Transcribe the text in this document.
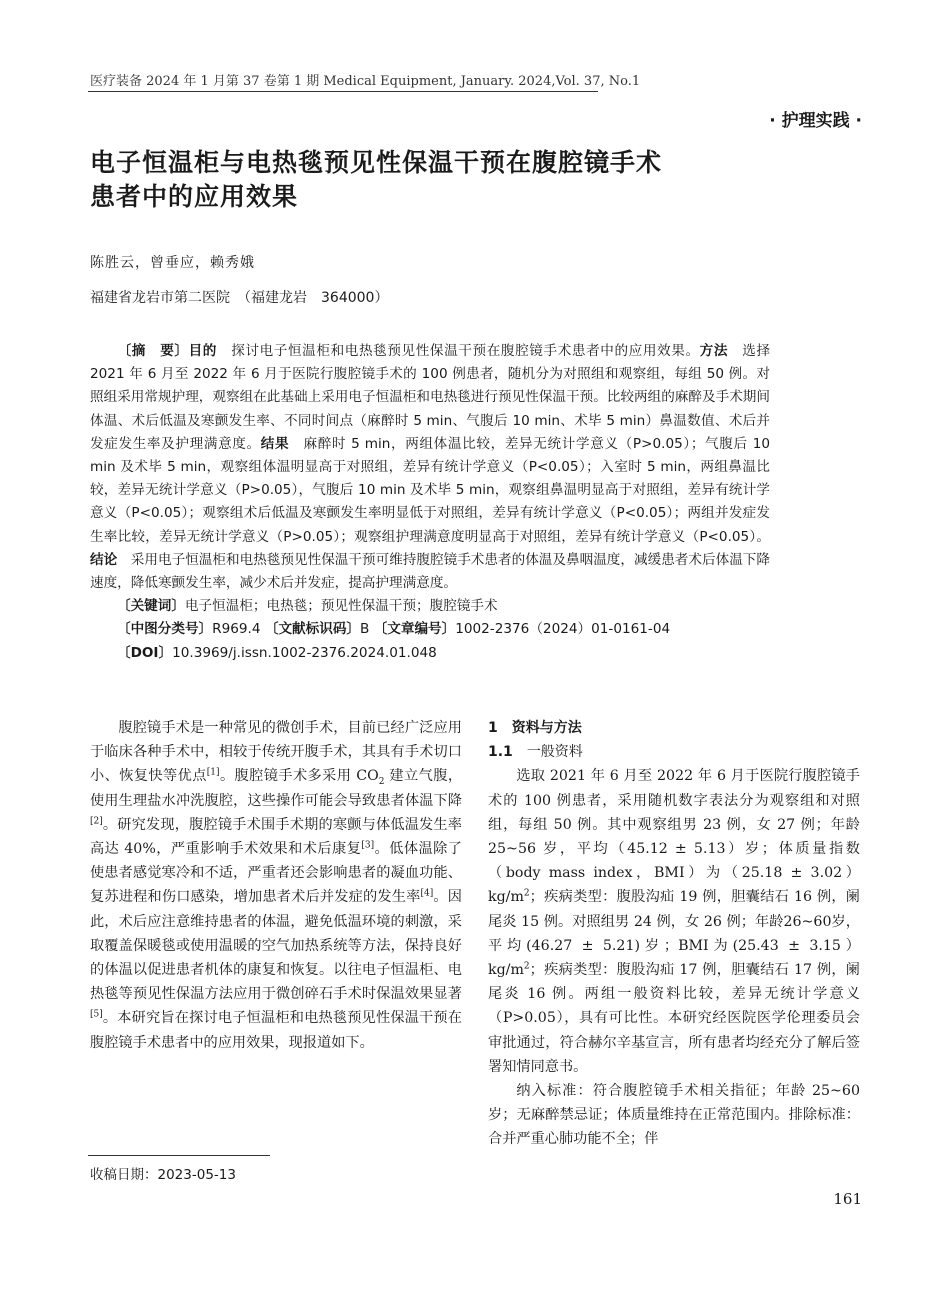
医疗装备 2024 年 1 月第 37 卷第 1 期 Medical Equipment, January. 2024,Vol. 37, No.1
· 护理实践 ·
电子恒温柜与电热毯预见性保温干预在腹腔镜手术
患者中的应用效果
陈胜云，曾垂应，赖秀娥
福建省龙岩市第二医院　（福建龙岩　364000）
〔摘　要〕目的　探讨电子恒温柜和电热毯预见性保温干预在腹腔镜手术患者中的应用效果。方法　选择 2021 年 6 月至 2022 年 6 月于医院行腹腔镜手术的 100 例患者，随机分为对照组和观察组，每组 50 例。对照组采用常规护理，观察组在此基础上采用电子恒温柜和电热毯进行预见性保温干预。比较两组的麻醉及手术期间体温、术后低温及寒颤发生率、不同时间点（麻醉时 5 min、气腹后 10 min、术毕 5 min）鼻温数值、术后并发症发生率及护理满意度。结果　麻醉时 5 min，两组体温比较，差异无统计学意义（P>0.05）；气腹后 10 min 及术毕 5 min，观察组体温明显高于对照组，差异有统计学意义（P<0.05）；入室时 5 min，两组鼻温比较，差异无统计学意义（P>0.05），气腹后 10 min 及术毕 5 min，观察组鼻温明显高于对照组，差异有统计学意义（P<0.05）；观察组术后低温及寒颤发生率明显低于对照组，差异有统计学意义（P<0.05）；两组并发症发生率比较，差异无统计学意义（P>0.05）；观察组护理满意度明显高于对照组，差异有统计学意义（P<0.05）。结论　采用电子恒温柜和电热毯预见性保温干预可维持腹腔镜手术患者的体温及鼻咽温度，减缓患者术后体温下降速度，降低寒颤发生率，减少术后并发症，提高护理满意度。
〔关键词〕电子恒温柜；电热毯；预见性保温干预；腹腔镜手术
〔中图分类号〕R969.4 〔文献标识码〕B 〔文章编号〕1002-2376（2024）01-0161-04
〔DOI〕10.3969/j.issn.1002-2376.2024.01.048

腹腔镜手术是一种常见的微创手术，目前已经广泛应用于临床各种手术中，相较于传统开腹手术，其具有手术切口小、恢复快等优点[1]。腹腔镜手术多采用 $CO_2$ 建立气腹，使用生理盐水冲洗腹腔，这些操作可能会导致患者体温下降[2]。研究发现，腹腔镜手术围手术期的寒颤与体低温发生率高达 40%，严重影响手术效果和术后康复[3]。低体温除了使患者感觉寒冷和不适，严重者还会影响患者的凝血功能、复苏进程和伤口感染，增加患者术后并发症的发生率[4]。因此，术后应注意维持患者的体温，避免低温环境的刺激，采取覆盖保暖毯或使用温暖的空气加热系统等方法，保持良好的体温以促进患者机体的康复和恢复。以往电子恒温柜、电热毯等预见性保温方法应用于微创碎石手术时保温效果显著[5]。本研究旨在探讨电子恒温柜和电热毯预见性保温干预在腹腔镜手术患者中的应用效果，现报道如下。

收稿日期：2023-05-13
1　资料与方法
1.1 一般资料

选取 2021 年 6 月至 2022 年 6 月于医院行腹腔镜手术的 100 例患者，采用随机数字表法分为观察组和对照组，每组 50 例。其中观察组男 23 例，女 27 例；年龄 25~56 岁，平均（45.12 ± 5.13）岁；体质量指数（body mass index，BMI）为$(25.18 \pm 3.02)kg/m^2$；疾病类型：腹股沟疝 19 例，胆囊结石 16 例，阑尾炎 15 例。对照组男 24 例，女 26 例；年龄26~60岁，平均(46.27 ± 5.21)岁；BMI为$(25.43 \pm 3.15)kg/m^2$；疾病类型：腹股沟疝 17 例，胆囊结石 17 例，阑尾炎 16 例。两组一般资料比较，差异无统计学意义（P>0.05），具有可比性。本研究经医院医学伦理委员会审批通过，符合赫尔辛基宣言，所有患者均经充分了解后签署知情同意书。

纳入标准：符合腹腔镜手术相关指征；年龄 25~60 岁；无麻醉禁忌证；体质量维持在正常范围内。排除标准：合并严重心肺功能不全；伴

161
